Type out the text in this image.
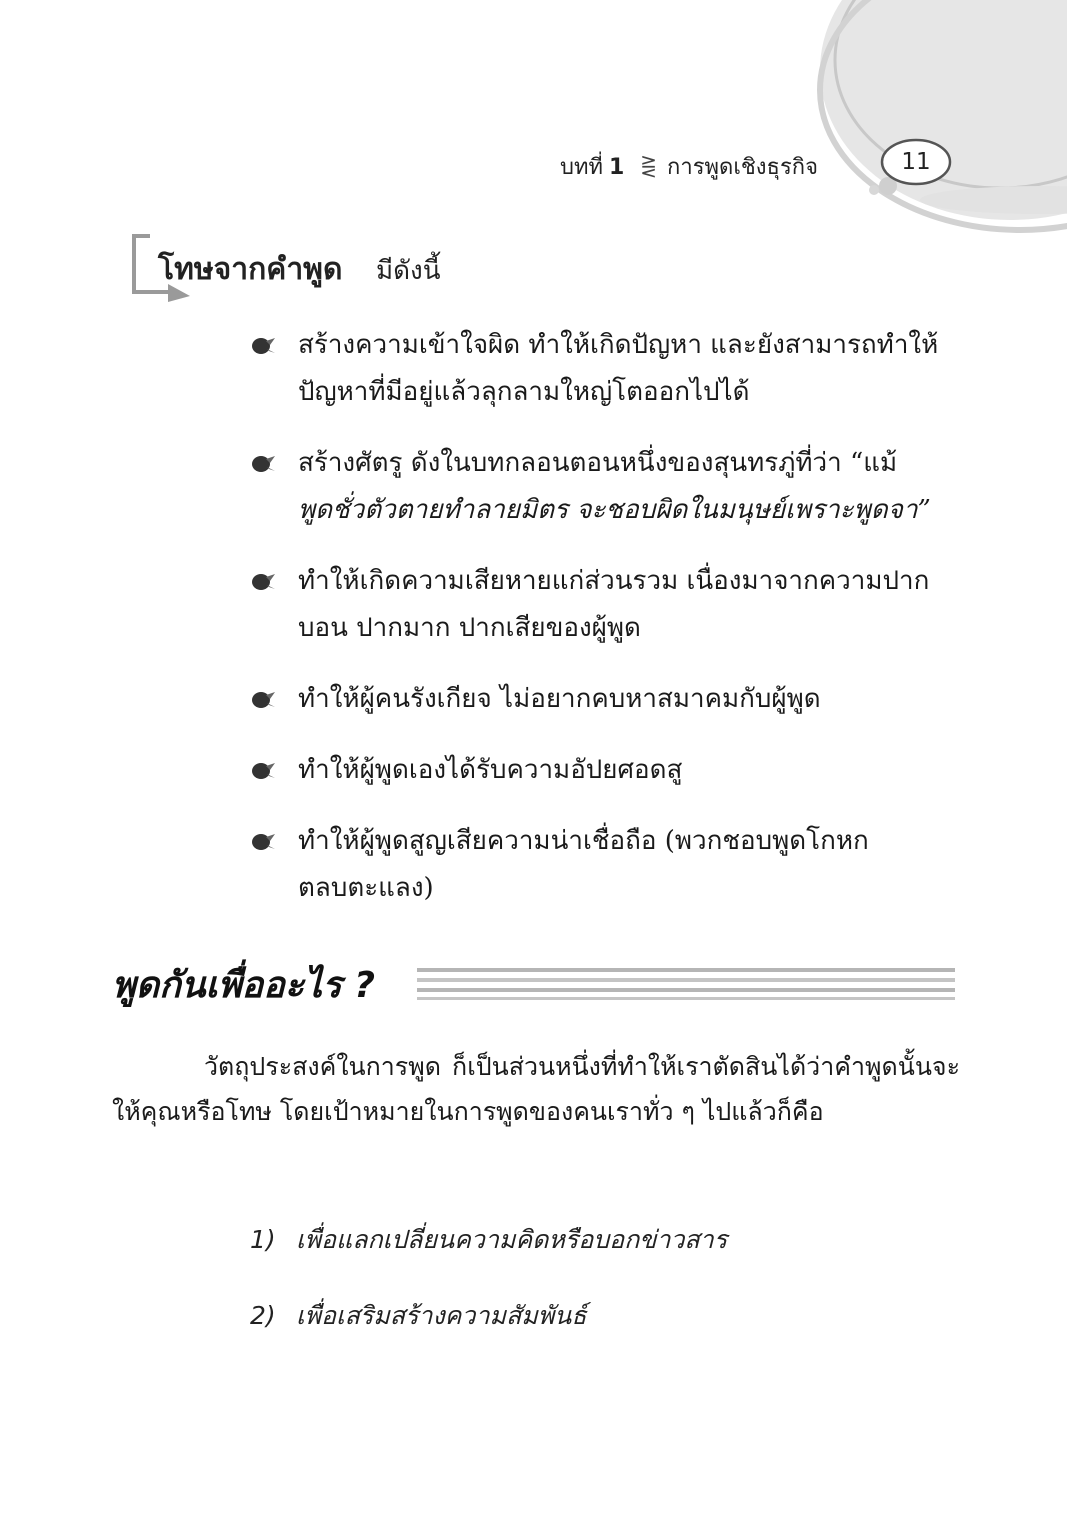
บทที่ 1 ⋛ การพูดเชิงธุรกิจ	11
โทษจากคำพูด มีดังนี้
สร้างความเข้าใจผิด ทำให้เกิดปัญหา และยังสามารถทำให้
ปัญหาที่มีอยู่แล้วลุกลามใหญ่โตออกไปได้
สร้างศัตรู ดังในบทกลอนตอนหนึ่งของสุนทรภู่ที่ว่า “แม้
พูดชั่วตัวตายทำลายมิตร จะชอบผิดในมนุษย์เพราะพูดจา”
ทำให้เกิดความเสียหายแก่ส่วนรวม เนื่องมาจากความปาก
บอน ปากมาก ปากเสียของผู้พูด
ทำให้ผู้คนรังเกียจ ไม่อยากคบหาสมาคมกับผู้พูด
ทำให้ผู้พูดเองได้รับความอัปยศอดสู
ทำให้ผู้พูดสูญเสียความน่าเชื่อถือ (พวกชอบพูดโกหก
ตลบตะแลง)
พูดกันเพื่ออะไร ?

วัตถุประสงค์ในการพูด ก็เป็นส่วนหนึ่งที่ทำให้เราตัดสินได้ว่าคำพูดนั้นจะให้คุณหรือโทษ โดยเป้าหมายในการพูดของคนเราทั่ว ๆ ไปแล้วก็คือ

1) เพื่อแลกเปลี่ยนความคิดหรือบอกข่าวสาร
2) เพื่อเสริมสร้างความสัมพันธ์
